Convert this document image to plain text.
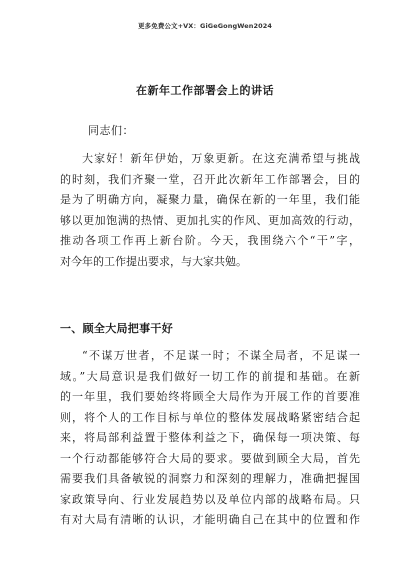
更多免费公文+VX：GiGeGongWen2024
在新年工作部署会上的讲话
同志们：
大家好！新年伊始，万象更新。在这充满希望与挑战
的时刻，我们齐聚一堂，召开此次新年工作部署会，目的
是为了明确方向，凝聚力量，确保在新的一年里，我们能
够以更加饱满的热情、更加扎实的作风、更加高效的行动，
推动各项工作再上新台阶。今天，我围绕六个“干”字，
对今年的工作提出要求，与大家共勉。
一、顾全大局把事干好
“不谋万世者，不足谋一时；不谋全局者，不足谋一
域。”大局意识是我们做好一切工作的前提和基础。在新
的一年里，我们要始终将顾全大局作为开展工作的首要准
则，将个人的工作目标与单位的整体发展战略紧密结合起
来，将局部利益置于整体利益之下，确保每一项决策、每
一个行动都能够符合大局的要求。要做到顾全大局，首先
需要我们具备敏锐的洞察力和深刻的理解力，准确把握国
家政策导向、行业发展趋势以及单位内部的战略布局。只
有对大局有清晰的认识，才能明确自己在其中的位置和作
